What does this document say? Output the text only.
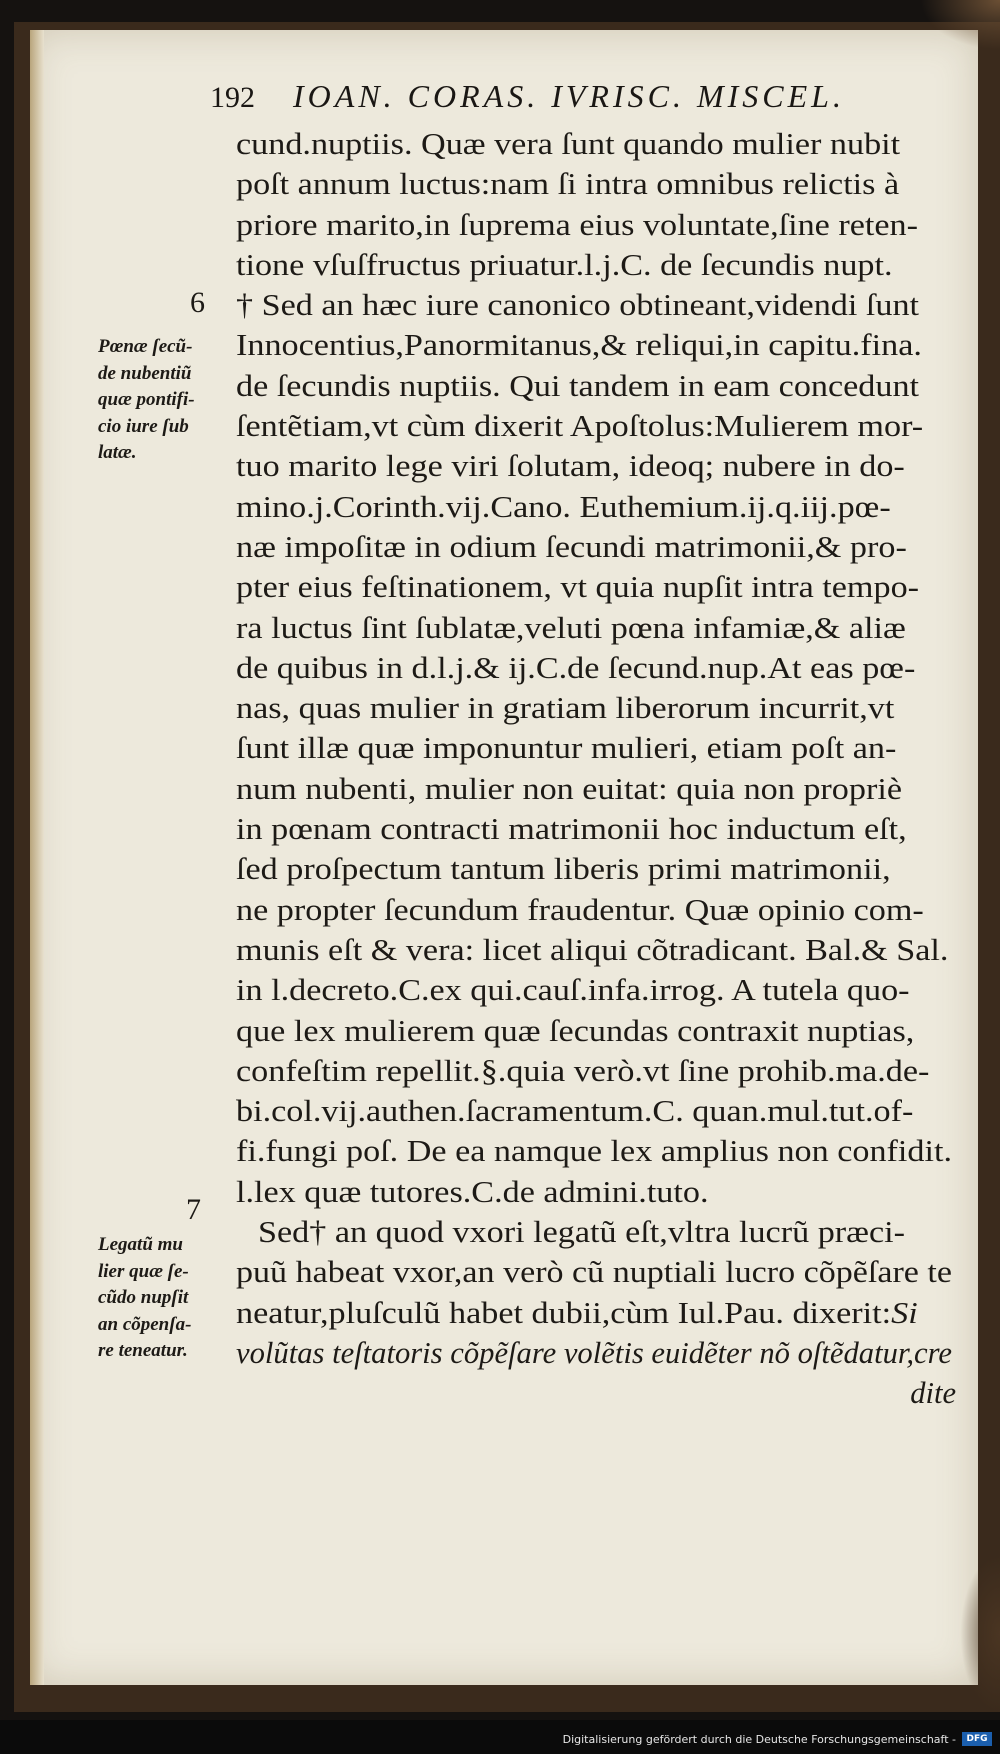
192 IOAN. CORAS. IVRISC. MISCEL.
cund.nuptiis. Quæ vera ſunt quando mulier nubit
poſt annum luctus:nam ſi intra omnibus relictis à
priore marito,in ſuprema eius voluntate,ſine reten-
tione vſuſfructus priuatur.l.j.C. de ſecundis nupt.
† Sed an hæc iure canonico obtineant,videndi ſunt
Innocentius,Panormitanus,& reliqui,in capitu.fina.
de ſecundis nuptiis. Qui tandem in eam concedunt
ſentẽtiam,vt cùm dixerit Apoſtolus:Mulierem mor-
tuo marito lege viri ſolutam, ideoq; nubere in do-
mino.j.Corinth.vij.Cano. Euthemium.ij.q.iij.pœ-
næ impoſitæ in odium ſecundi matrimonii,& pro-
pter eius feſtinationem, vt quia nupſit intra tempo-
ra luctus ſint ſublatæ,veluti pœna infamiæ,& aliæ
de quibus in d.l.j.& ij.C.de ſecund.nup.At eas pœ-
nas, quas mulier in gratiam liberorum incurrit,vt
ſunt illæ quæ imponuntur mulieri, etiam poſt an-
num nubenti, mulier non euitat: quia non propriè
in pœnam contracti matrimonii hoc inductum eſt,
ſed proſpectum tantum liberis primi matrimonii,
ne propter ſecundum fraudentur. Quæ opinio com-
munis eſt & vera: licet aliqui cõtradicant. Bal.& Sal.
in l.decreto.C.ex qui.cauſ.infa.irrog. A tutela quo-
que lex mulierem quæ ſecundas contraxit nuptias,
confeſtim repellit.§.quia verò.vt ſine prohib.ma.de-
bi.col.vij.authen.ſacramentum.C. quan.mul.tut.of-
fi.fungi poſ. De ea namque lex amplius non confidit.
l.lex quæ tutores.C.de admini.tuto.
Sed† an quod vxori legatũ eſt,vltra lucrũ præci-
puũ habeat vxor,an verò cũ nuptiali lucro cõpẽſare te
neatur,pluſculũ habet dubii,cùm Iul.Pau. dixerit:Si
volũtas teſtatoris cõpẽſare volẽtis euidẽter nõ oſtẽdatur,cre
dite
6
Pœnæ ſecũ-
de nubentiũ
quæ pontifi-
cio iure ſub
latæ.
7
Legatũ mu
lier quæ ſe-
cũdo nupſit
an cõpenſa-
re teneatur.
Digitalisierung gefördert durch die Deutsche Forschungsgemeinschaft -	DFG
